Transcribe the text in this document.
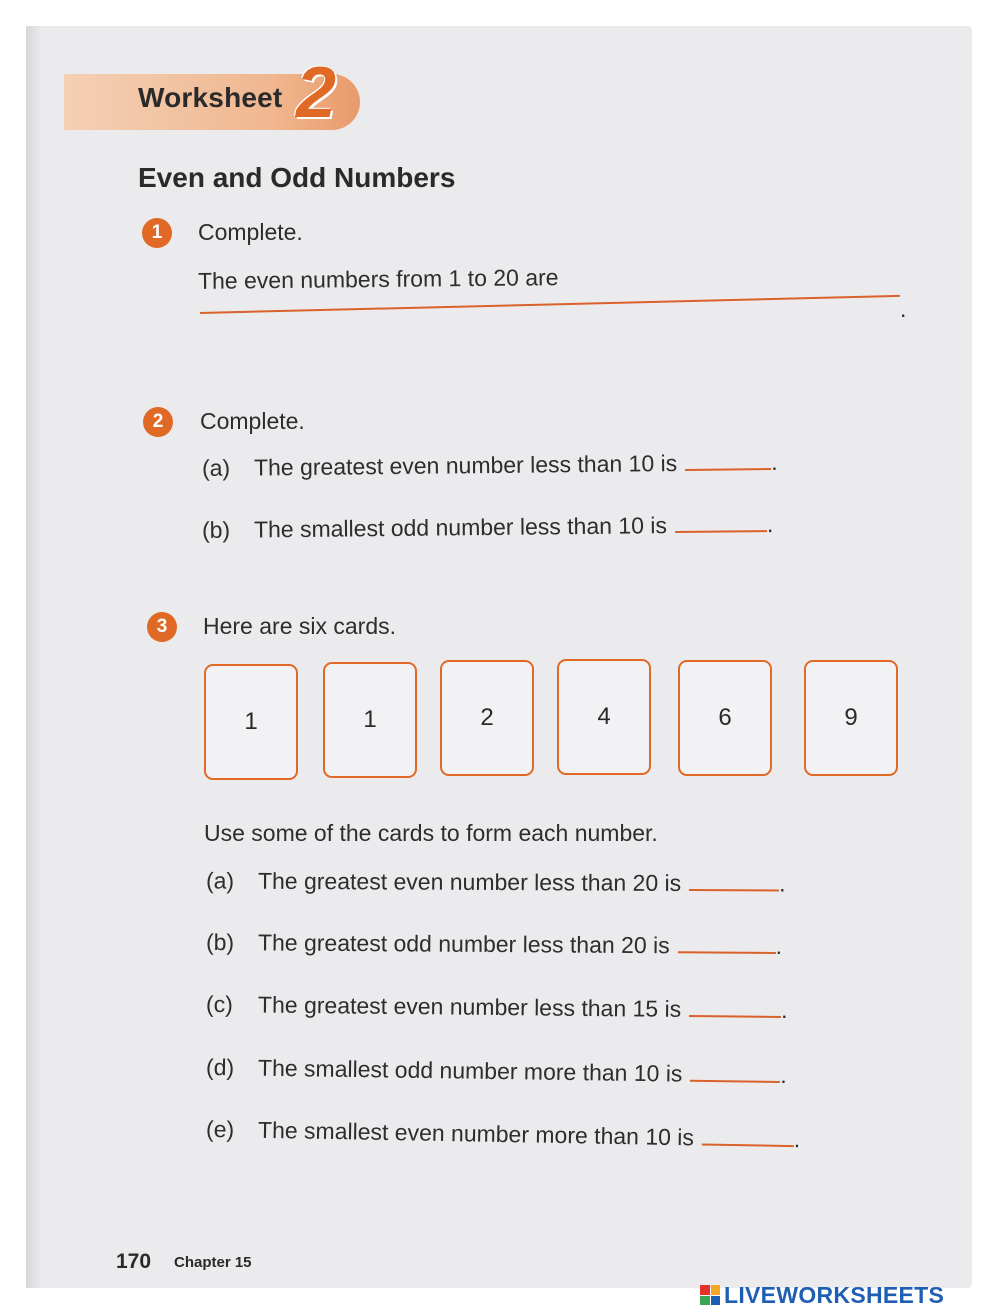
Worksheet 2
Even and Odd Numbers
1	Complete.
The even numbers from 1 to 20 are
.
2	Complete.
(a) The greatest even number less than 10 is	.
(b) The smallest odd number less than 10 is	.
3	Here are six cards.
1	1	2	4	6	9
Use some of the cards to form each number.
(a) The greatest even number less than 20 is	.
(b) The greatest odd number less than 20 is	.
(c) The greatest even number less than 15 is	.
(d) The smallest odd number more than 10 is	.
(e) The smallest even number more than 10 is	.
170 Chapter 15
LIVEWORKSHEETS
